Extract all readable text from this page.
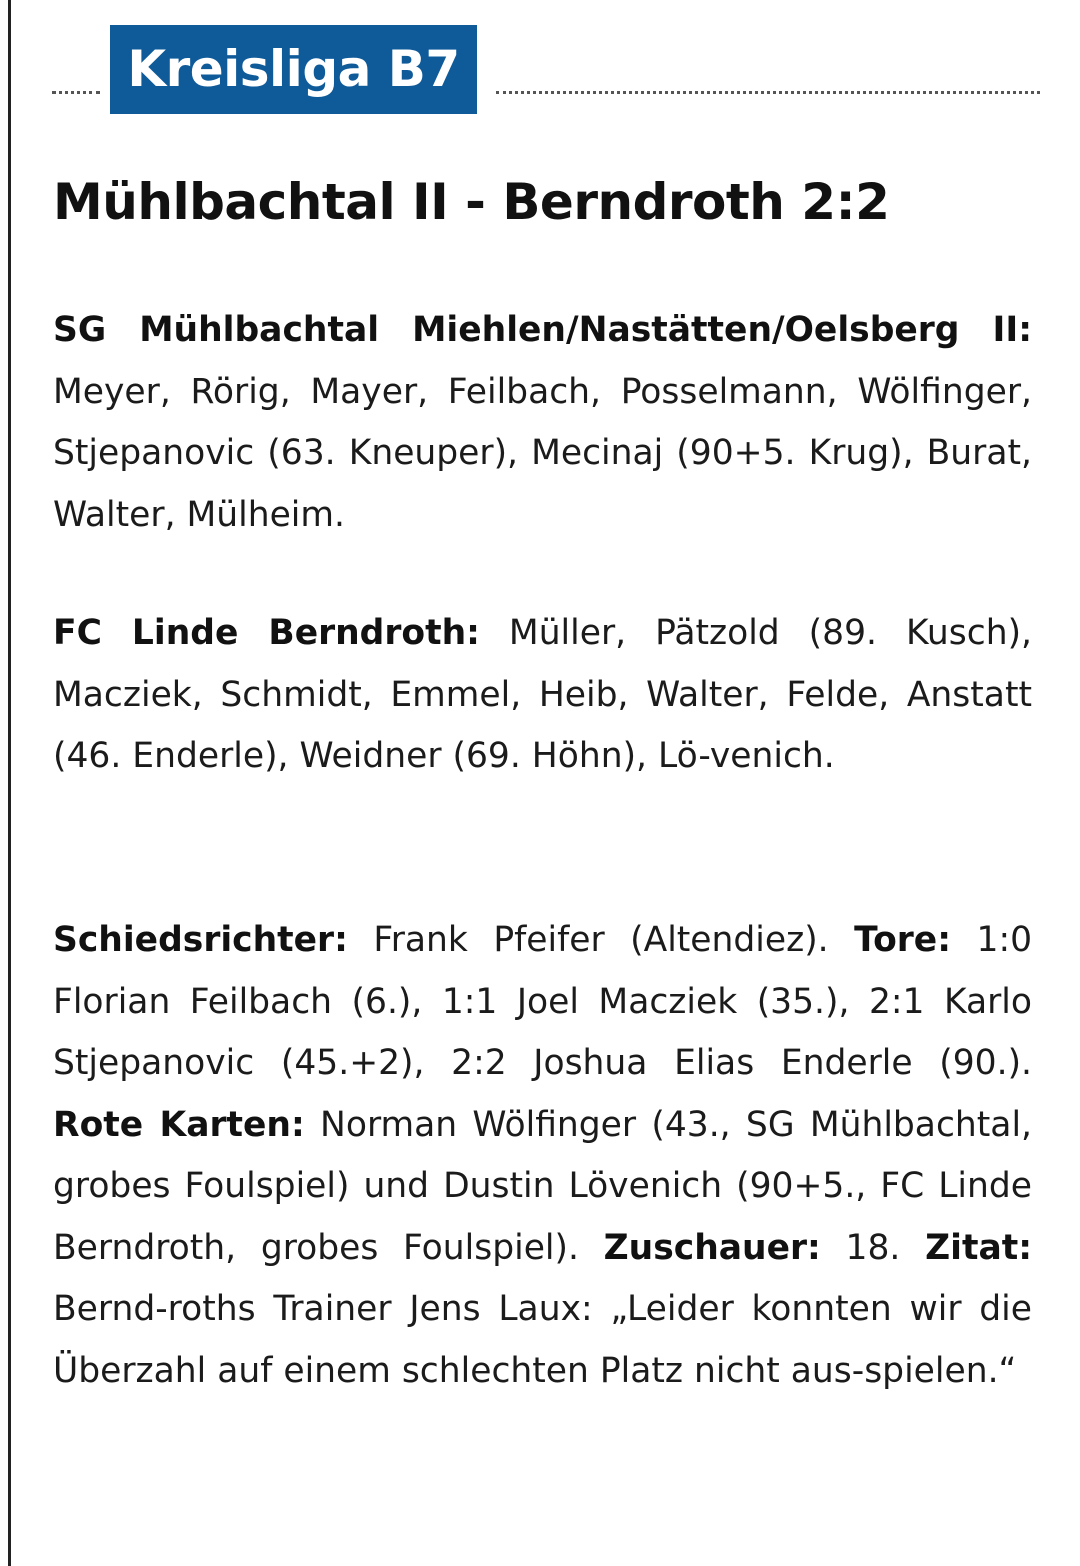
Kreisliga B7
Mühlbachtal II - Berndroth 2:2

SG Mühlbachtal Miehlen/Nastätten/Oelsberg II: Meyer, Rörig, Mayer, Feilbach, Posselmann, Wölfinger, Stjepanovic (63. Kneuper), Mecinaj (90+5. Krug), Burat, Walter, Mülheim.

FC Linde Berndroth: Müller, Pätzold (89. Kusch), Macziek, Schmidt, Emmel, Heib, Walter, Felde, Anstatt (46. Enderle), Weidner (69. Höhn), Lö-venich.

Schiedsrichter: Frank Pfeifer (Altendiez). Tore: 1:0 Florian Feilbach (6.), 1:1 Joel Macziek (35.), 2:1 Karlo Stjepanovic (45.+2), 2:2 Joshua Elias Enderle (90.). Rote Karten: Norman Wölfinger (43., SG Mühlbachtal, grobes Foulspiel) und Dustin Lövenich (90+5., FC Linde Berndroth, grobes Foulspiel). Zuschauer: 18. Zitat: Bernd-roths Trainer Jens Laux: „Leider konnten wir die Überzahl auf einem schlechten Platz nicht aus-spielen.“
